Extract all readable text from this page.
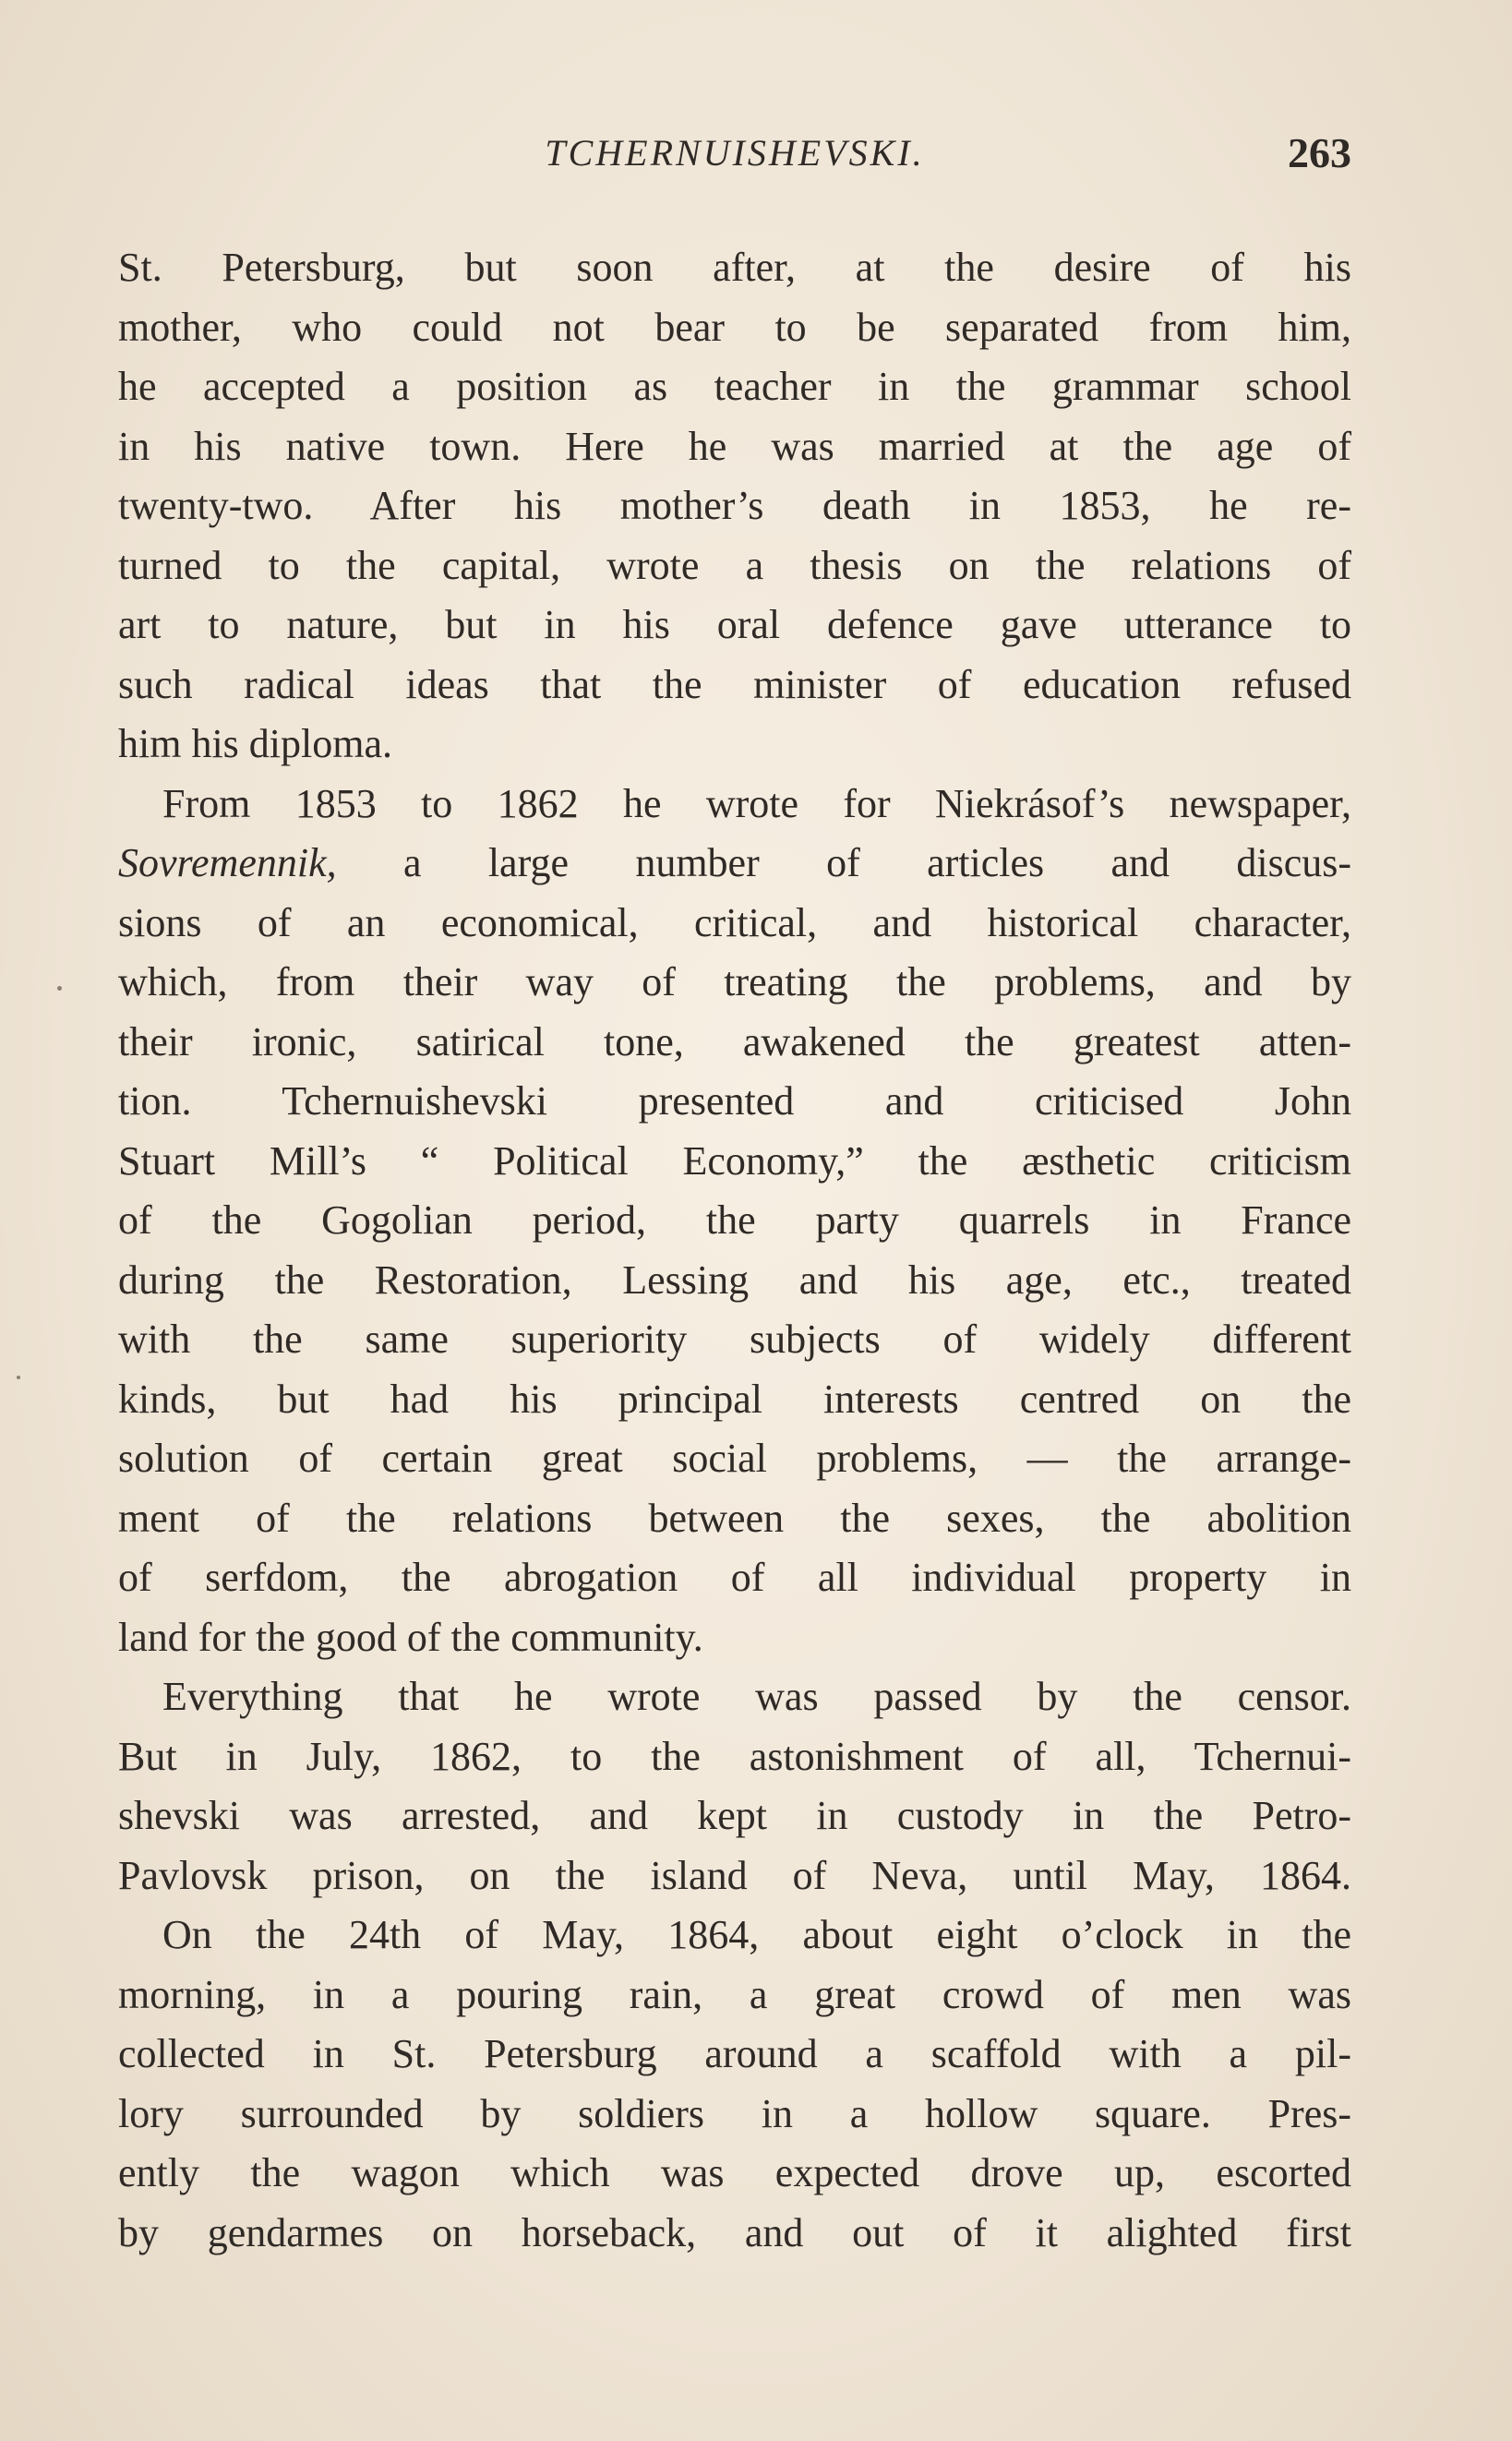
TCHERNUISHEVSKI.	263
St. Petersburg, but soon after, at the desire of his
mother, who could not bear to be separated from him,
he accepted a position as teacher in the grammar school
in his native town. Here he was married at the age of
twenty-two. After his mother’s death in 1853, he re-
turned to the capital, wrote a thesis on the relations of
art to nature, but in his oral defence gave utterance to
such radical ideas that the minister of education refused
him his diploma.
From 1853 to 1862 he wrote for Niekrásof’s newspaper,
Sovremennik, a large number of articles and discus-
sions of an economical, critical, and historical character,
which, from their way of treating the problems, and by
their ironic, satirical tone, awakened the greatest atten-
tion. Tchernuishevski presented and criticised John
Stuart Mill’s “ Political Economy,” the æsthetic criticism
of the Gogolian period, the party quarrels in France
during the Restoration, Lessing and his age, etc., treated
with the same superiority subjects of widely different
kinds, but had his principal interests centred on the
solution of certain great social problems, — the arrange-
ment of the relations between the sexes, the abolition
of serfdom, the abrogation of all individual property in
land for the good of the community.
Everything that he wrote was passed by the censor.
But in July, 1862, to the astonishment of all, Tchernui-
shevski was arrested, and kept in custody in the Petro-
Pavlovsk prison, on the island of Neva, until May, 1864.
On the 24th of May, 1864, about eight o’clock in the
morning, in a pouring rain, a great crowd of men was
collected in St. Petersburg around a scaffold with a pil-
lory surrounded by soldiers in a hollow square. Pres-
ently the wagon which was expected drove up, escorted
by gendarmes on horseback, and out of it alighted first
